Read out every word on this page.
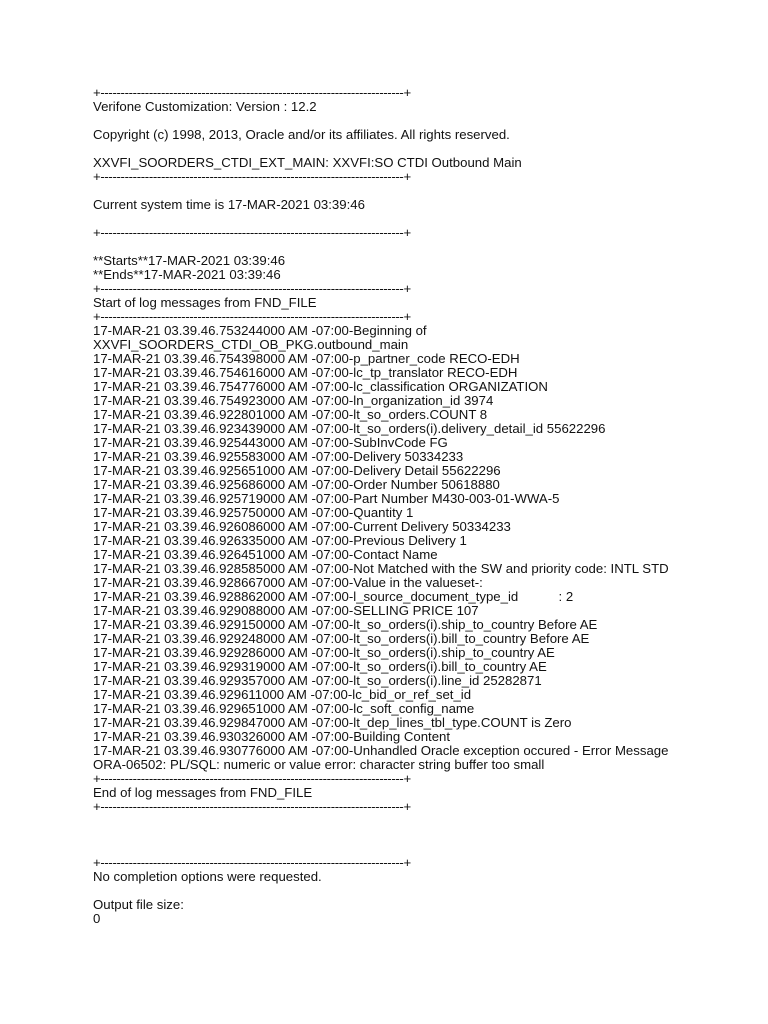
+---------------------------------------------------------------------------+
Verifone Customization: Version : 12.2
Copyright (c) 1998, 2013, Oracle and/or its affiliates. All rights reserved.
XXVFI_SOORDERS_CTDI_EXT_MAIN: XXVFI:SO CTDI Outbound Main
+---------------------------------------------------------------------------+
Current system time is 17-MAR-2021 03:39:46
+---------------------------------------------------------------------------+
**Starts**17-MAR-2021 03:39:46
**Ends**17-MAR-2021 03:39:46
+---------------------------------------------------------------------------+
Start of log messages from FND_FILE
+---------------------------------------------------------------------------+
17-MAR-21 03.39.46.753244000 AM -07:00-Beginning of
XXVFI_SOORDERS_CTDI_OB_PKG.outbound_main
17-MAR-21 03.39.46.754398000 AM -07:00-p_partner_code RECO-EDH
17-MAR-21 03.39.46.754616000 AM -07:00-lc_tp_translator RECO-EDH
17-MAR-21 03.39.46.754776000 AM -07:00-lc_classification ORGANIZATION
17-MAR-21 03.39.46.754923000 AM -07:00-ln_organization_id 3974
17-MAR-21 03.39.46.922801000 AM -07:00-lt_so_orders.COUNT 8
17-MAR-21 03.39.46.923439000 AM -07:00-lt_so_orders(i).delivery_detail_id 55622296
17-MAR-21 03.39.46.925443000 AM -07:00-SubInvCode FG
17-MAR-21 03.39.46.925583000 AM -07:00-Delivery 50334233
17-MAR-21 03.39.46.925651000 AM -07:00-Delivery Detail 55622296
17-MAR-21 03.39.46.925686000 AM -07:00-Order Number 50618880
17-MAR-21 03.39.46.925719000 AM -07:00-Part Number M430-003-01-WWA-5
17-MAR-21 03.39.46.925750000 AM -07:00-Quantity 1
17-MAR-21 03.39.46.926086000 AM -07:00-Current Delivery 50334233
17-MAR-21 03.39.46.926335000 AM -07:00-Previous Delivery 1
17-MAR-21 03.39.46.926451000 AM -07:00-Contact Name
17-MAR-21 03.39.46.928585000 AM -07:00-Not Matched with the SW and priority code: INTL STD
17-MAR-21 03.39.46.928667000 AM -07:00-Value in the valueset-:
17-MAR-21 03.39.46.928862000 AM -07:00-l_source_document_type_id           : 2
17-MAR-21 03.39.46.929088000 AM -07:00-SELLING PRICE 107
17-MAR-21 03.39.46.929150000 AM -07:00-lt_so_orders(i).ship_to_country Before AE
17-MAR-21 03.39.46.929248000 AM -07:00-lt_so_orders(i).bill_to_country Before AE
17-MAR-21 03.39.46.929286000 AM -07:00-lt_so_orders(i).ship_to_country AE
17-MAR-21 03.39.46.929319000 AM -07:00-lt_so_orders(i).bill_to_country AE
17-MAR-21 03.39.46.929357000 AM -07:00-lt_so_orders(i).line_id 25282871
17-MAR-21 03.39.46.929611000 AM -07:00-lc_bid_or_ref_set_id
17-MAR-21 03.39.46.929651000 AM -07:00-lc_soft_config_name
17-MAR-21 03.39.46.929847000 AM -07:00-lt_dep_lines_tbl_type.COUNT is Zero
17-MAR-21 03.39.46.930326000 AM -07:00-Building Content
17-MAR-21 03.39.46.930776000 AM -07:00-Unhandled Oracle exception occured - Error Message
ORA-06502: PL/SQL: numeric or value error: character string buffer too small
+---------------------------------------------------------------------------+
End of log messages from FND_FILE
+---------------------------------------------------------------------------+
+---------------------------------------------------------------------------+
No completion options were requested.
Output file size:
0
